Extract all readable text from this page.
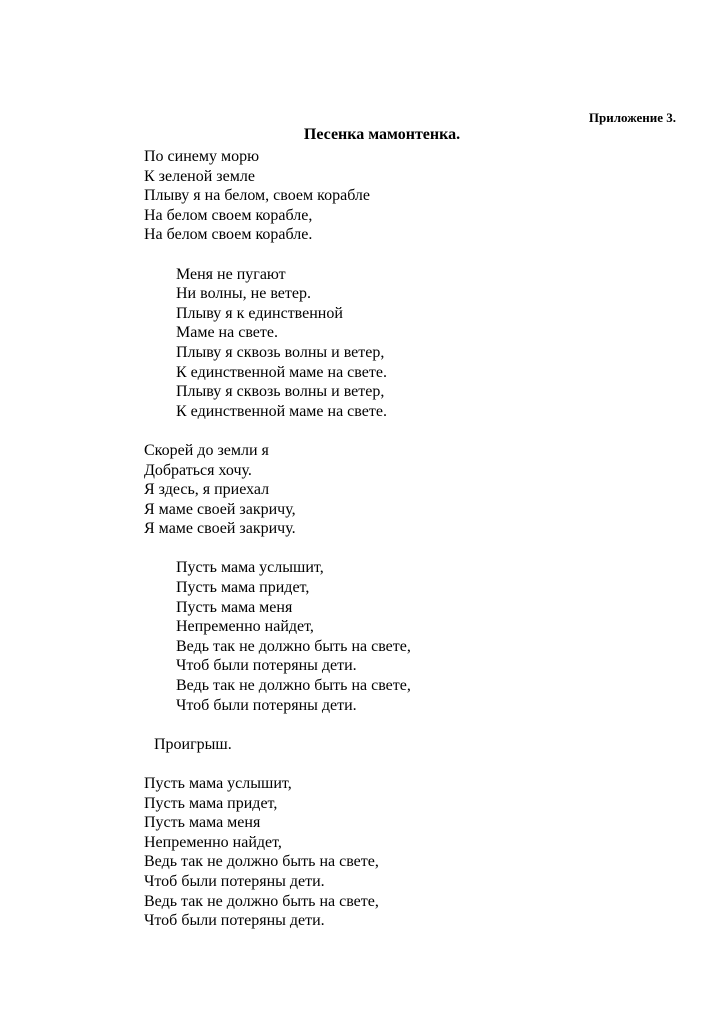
Приложение 3.
Песенка мамонтенка.
По синему морю
К зеленой земле
Плыву я на белом, своем корабле
На белом своем корабле,
На белом своем корабле.
Меня не пугают
Ни волны, не ветер.
Плыву я к единственной
Маме на свете.
Плыву я сквозь волны и ветер,
К единственной маме на свете.
Плыву я сквозь волны и ветер,
К единственной маме на свете.
Скорей до земли я
Добраться хочу.
Я здесь, я приехал
Я маме своей закричу,
Я маме своей закричу.
Пусть мама услышит,
Пусть мама придет,
Пусть мама меня
Непременно найдет,
Ведь так не должно быть на свете,
Чтоб были потеряны дети.
Ведь так не должно быть на свете,
Чтоб были потеряны дети.
Проигрыш.
Пусть мама услышит,
Пусть мама придет,
Пусть мама меня
Непременно найдет,
Ведь так не должно быть на свете,
Чтоб были потеряны дети.
Ведь так не должно быть на свете,
Чтоб были потеряны дети.
